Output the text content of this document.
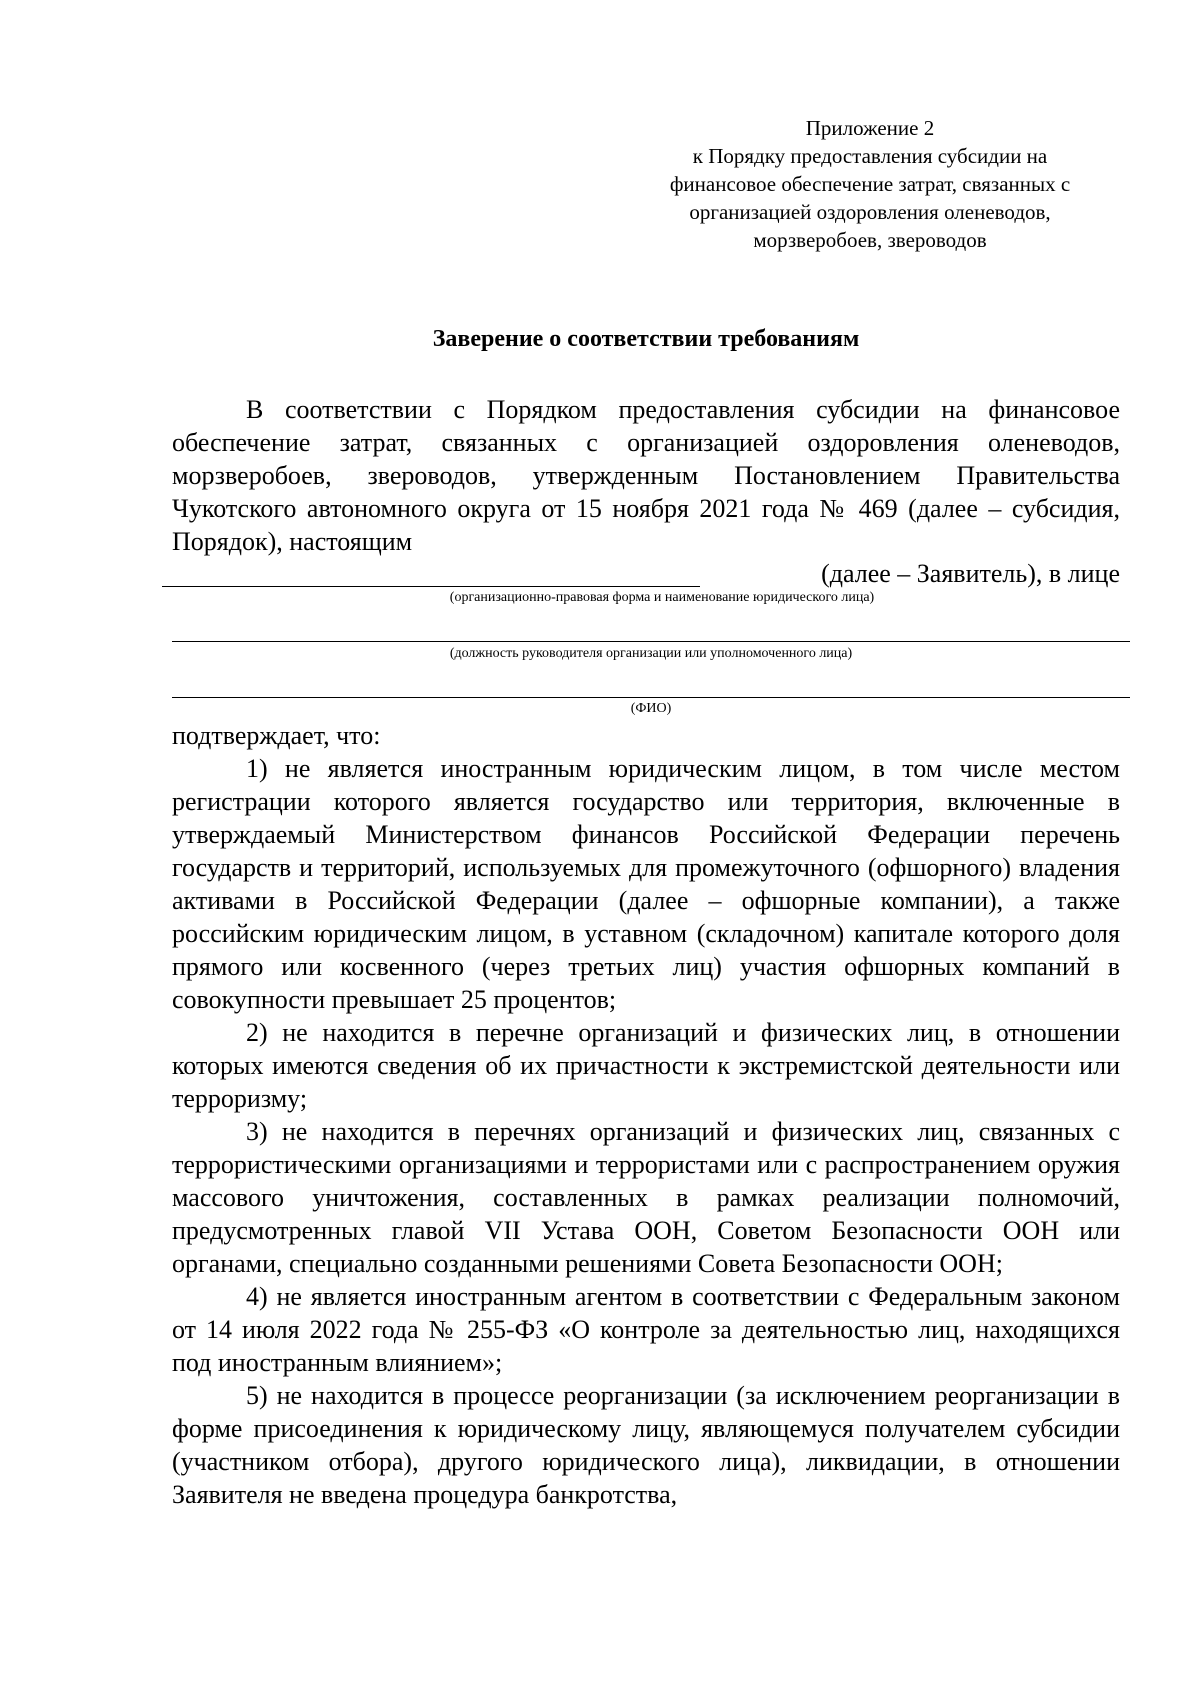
Приложение 2
к Порядку предоставления субсидии на
финансовое обеспечение затрат, связанных с
организацией оздоровления оленеводов,
морзверобоев, звероводов
Заверение о соответствии требованиям
В соответствии с Порядком предоставления субсидии на финансовое обеспечение затрат, связанных с организацией оздоровления оленеводов, морзверобоев, звероводов, утвержденным Постановлением Правительства Чукотского автономного округа от 15 ноября 2021 года № 469 (далее – субсидия, Порядок), настоящим
(далее – Заявитель), в лице
(организационно-правовая форма и наименование юридического лица)
(должность руководителя организации или уполномоченного лица)
(ФИО)
подтверждает, что:
1) не является иностранным юридическим лицом, в том числе местом регистрации которого является государство или территория, включенные в утверждаемый Министерством финансов Российской Федерации перечень государств и территорий, используемых для промежуточного (офшорного) владения активами в Российской Федерации (далее – офшорные компании), а также российским юридическим лицом, в уставном (складочном) капитале которого доля прямого или косвенного (через третьих лиц) участия офшорных компаний в совокупности превышает 25 процентов;
2) не находится в перечне организаций и физических лиц, в отношении которых имеются сведения об их причастности к экстремистской деятельности или терроризму;
3) не находится в перечнях организаций и физических лиц, связанных с террористическими организациями и террористами или с распространением оружия массового уничтожения, составленных в рамках реализации полномочий, предусмотренных главой VII Устава ООН, Советом Безопасности ООН или органами, специально созданными решениями Совета Безопасности ООН;
4) не является иностранным агентом в соответствии с Федеральным законом от 14 июля 2022 года № 255-ФЗ «О контроле за деятельностью лиц, находящихся под иностранным влиянием»;
5) не находится в процессе реорганизации (за исключением реорганизации в форме присоединения к юридическому лицу, являющемуся получателем субсидии (участником отбора), другого юридического лица), ликвидации, в отношении Заявителя не введена процедура банкротства,
